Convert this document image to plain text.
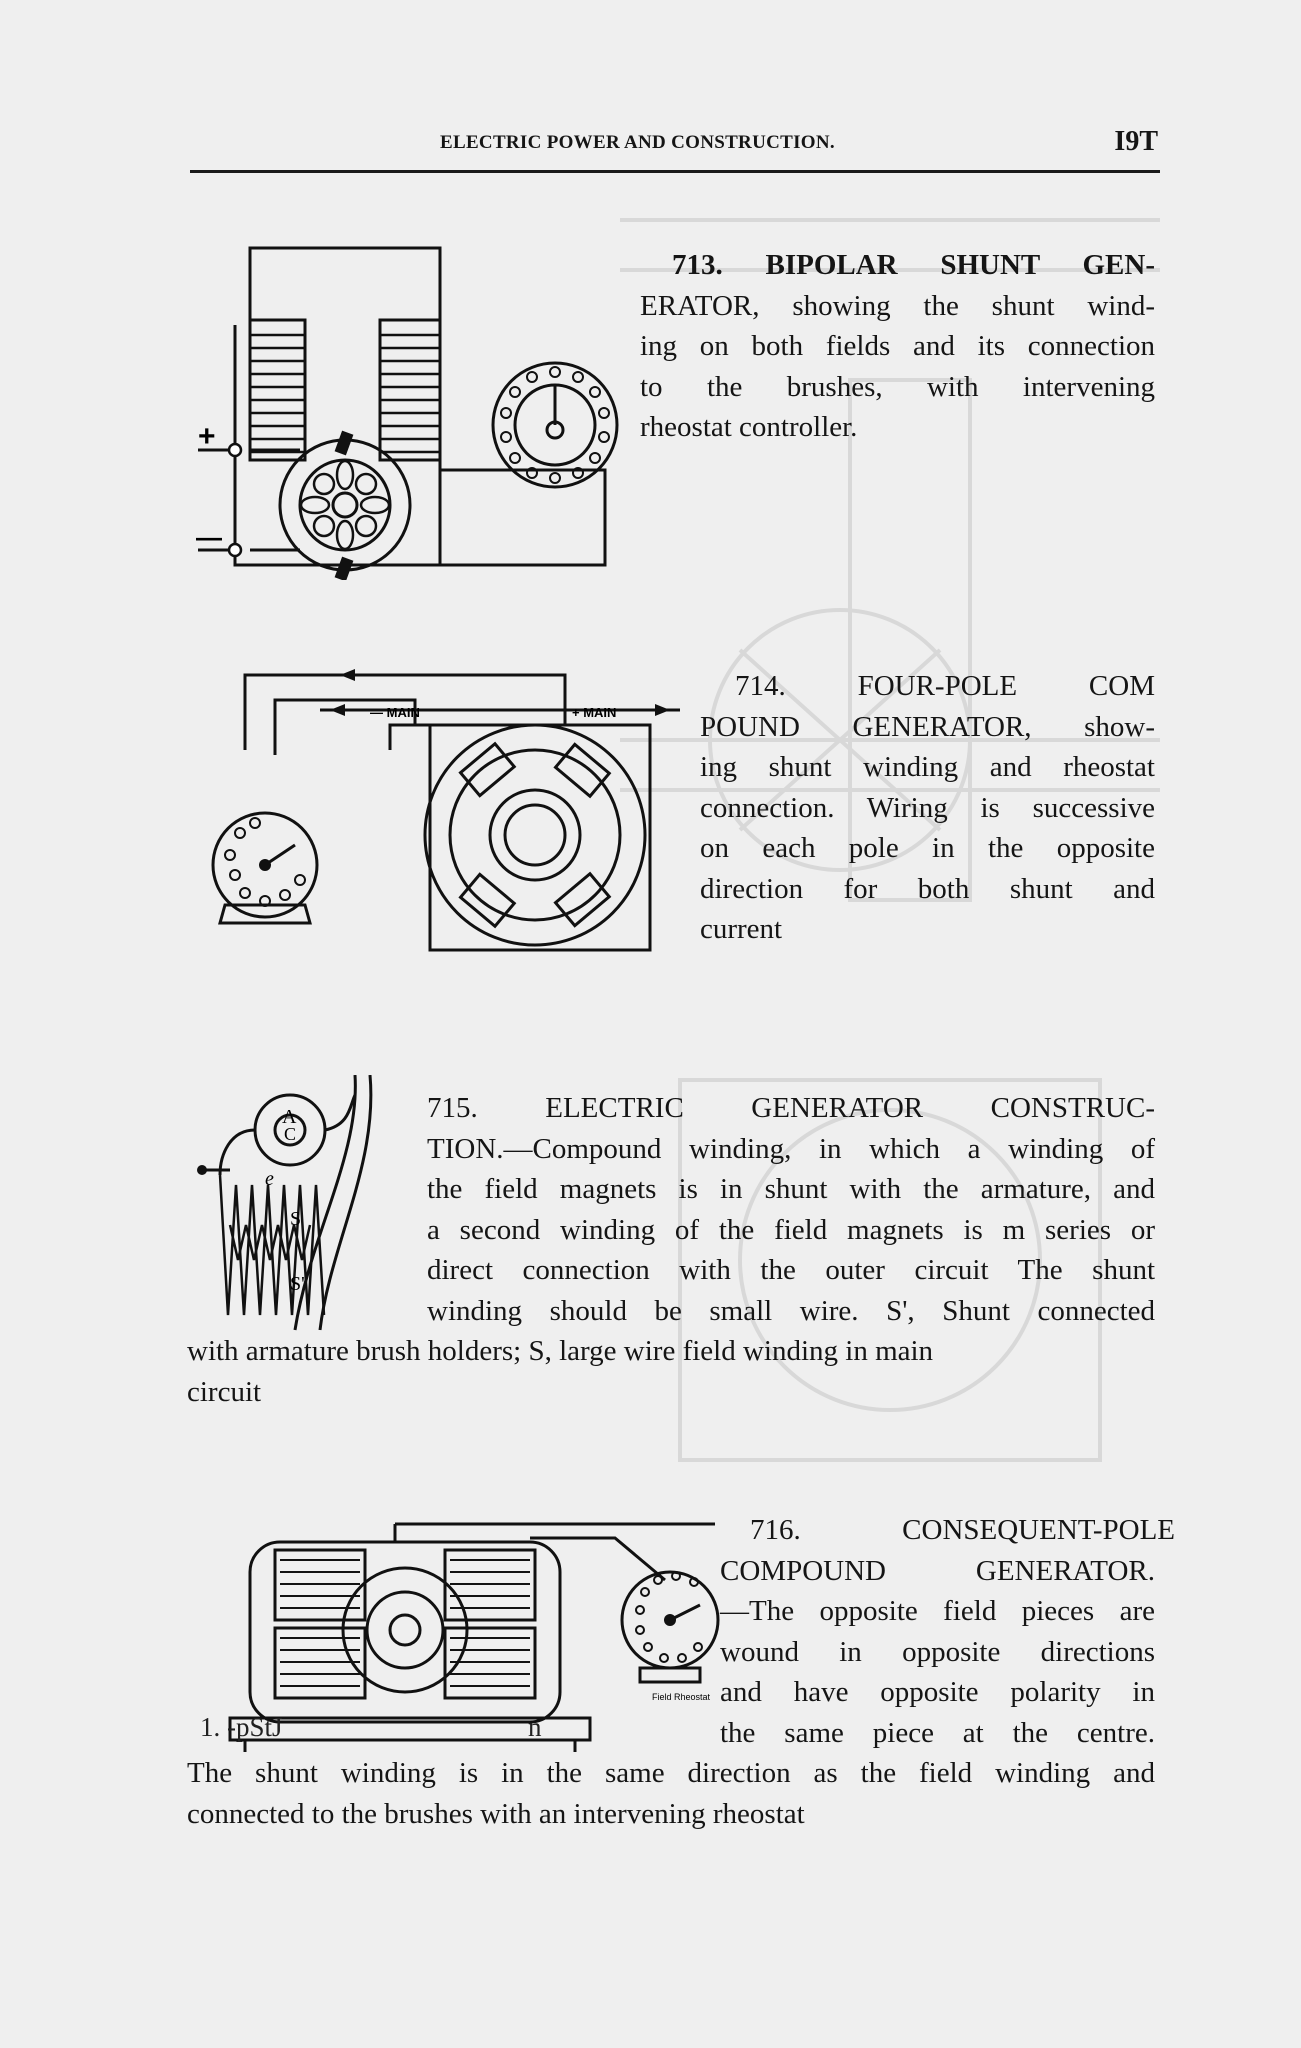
ELECTRIC POWER AND CONSTRUCTION.	I9T
+
—
713. BIPOLAR SHUNT GEN-
ERATOR, showing the shunt wind-
ing on both fields and its connection
to the brushes, with intervening
rheostat controller.
— MAIN	+ MAIN
714. FOUR-POLE COM
POUND GENERATOR, show-
ing shunt winding and rheostat
connection. Wiring is successive
on each pole in the opposite
direction for both shunt and
current
A
C
e
S
S'
715. ELECTRIC GENERATOR CONSTRUC-
TION.—Compound winding, in which a winding of
the field magnets is in shunt with the armature, and
a second winding of the field magnets is m series or
direct connection with the outer circuit The shunt
winding should be small wire. S', Shunt connected
with armature brush holders; S, large wire field winding in main
circuit
Field Rheostat
1. -pStJ	n
716. CONSEQUENT-POLE
COMPOUND GENERATOR.
—The opposite field pieces are
wound in opposite directions
and have opposite polarity in
the same piece at the centre.
The shunt winding is in the same direction as the field winding and
connected to the brushes with an intervening rheostat
